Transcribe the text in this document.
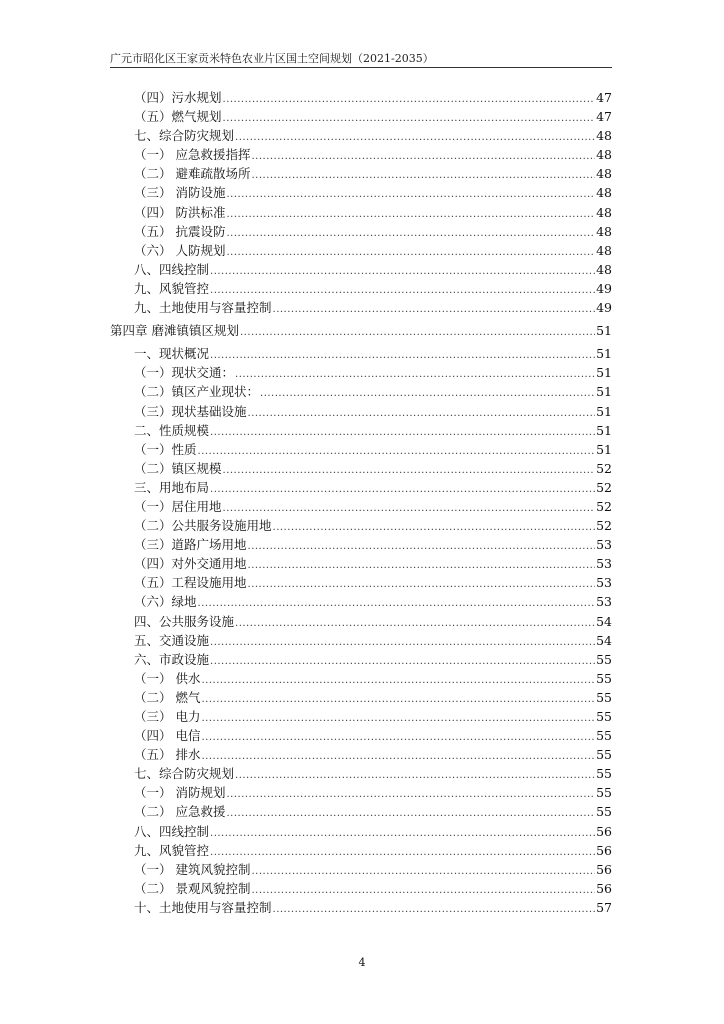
广元市昭化区王家贡米特色农业片区国土空间规划（2021-2035）
（四）污水规划 .....	47
（五）燃气规划 .....	47
七、综合防灾规划 .....	48
（一） 应急救援指挥 .....	48
（二） 避难疏散场所 .....	48
（三） 消防设施 .....	48
（四） 防洪标准 .....	48
（五） 抗震设防 .....	48
（六） 人防规划 .....	48
八、四线控制 .....	48
九、风貌管控 .....	49
九、土地使用与容量控制 .....	49
第四章 磨滩镇镇区规划 .....	51
一、现状概况 .....	51
（一）现状交通： .....	51
（二）镇区产业现状： .....	51
（三）现状基础设施 .....	51
二、性质规模 .....	51
（一）性质 .....	51
（二）镇区规模 .....	52
三、用地布局 .....	52
（一）居住用地 .....	52
（二）公共服务设施用地 .....	52
（三）道路广场用地 .....	53
（四）对外交通用地 .....	53
（五）工程设施用地 .....	53
（六）绿地 .....	53
四、公共服务设施 .....	54
五、交通设施 .....	54
六、市政设施 .....	55
（一） 供水 .....	55
（二） 燃气 .....	55
（三） 电力 .....	55
（四） 电信 .....	55
（五） 排水 .....	55
七、综合防灾规划 .....	55
（一） 消防规划 .....	55
（二） 应急救援 .....	55
八、四线控制 .....	56
九、风貌管控 .....	56
（一） 建筑风貌控制 .....	56
（二） 景观风貌控制 .....	56
十、土地使用与容量控制 .....	57
4
